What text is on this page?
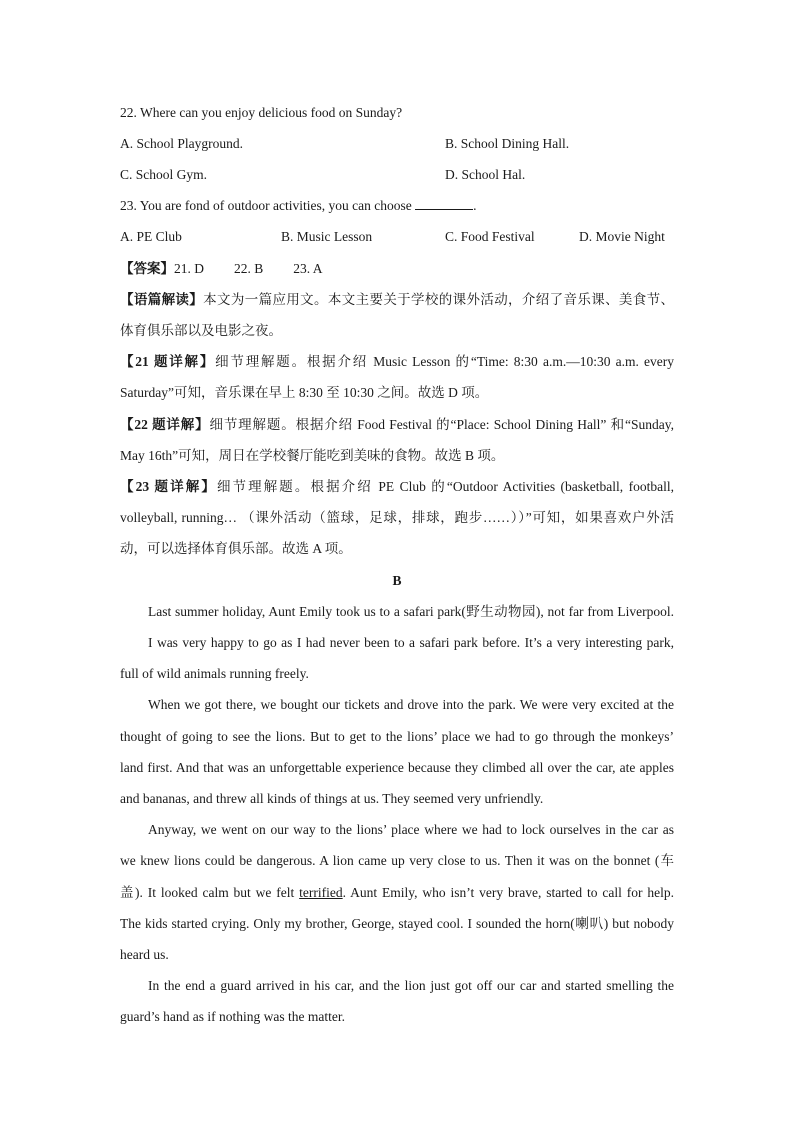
22. Where can you enjoy delicious food on Sunday?
A. School Playground.	B. School Dining Hall.
C. School Gym.	D. School Hal.
23. You are fond of outdoor activities, you can choose	.
A. PE Club	B. Music Lesson	C. Food Festival	D. Movie Night
【答案】21. D 22. B 23. A
【语篇解读】本文为一篇应用文。本文主要关于学校的课外活动，介绍了音乐课、美食节、
体育俱乐部以及电影之夜。
【21 题详解】细节理解题。根据介绍 Music Lesson 的“Time: 8:30 a.m.—10:30 a.m. every
Saturday”可知，音乐课在早上 8:30 至 10:30 之间。故选 D 项。
【22 题详解】细节理解题。根据介绍 Food Festival 的“Place: School Dining Hall” 和“Sunday,
May 16th”可知，周日在学校餐厅能吃到美味的食物。故选 B 项。
【23 题详解】细节理解题。根据介绍 PE Club 的“Outdoor Activities (basketball, football,
volleyball, running… （课外活动（篮球，足球，排球，跑步……））”可知，如果喜欢户外活
动，可以选择体育俱乐部。故选 A 项。
B
Last summer holiday, Aunt Emily took us to a safari park(野生动物园), not far from Liverpool.
I was very happy to go as I had never been to a safari park before. It’s a very interesting park,
full of wild animals running freely.
When we got there, we bought our tickets and drove into the park. We were very excited at the
thought of going to see the lions. But to get to the lions’ place we had to go through the monkeys’
land first. And that was an unforgettable experience because they climbed all over the car, ate apples
and bananas, and threw all kinds of things at us. They seemed very unfriendly.
Anyway, we went on our way to the lions’ place where we had to lock ourselves in the car as
we knew lions could be dangerous. A lion came up very close to us. Then it was on the bonnet (车
盖). It looked calm but we felt terrified. Aunt Emily, who isn’t very brave, started to call for help.
The kids started crying. Only my brother, George, stayed cool. I sounded the horn(喇叭) but nobody
heard us.
In the end a guard arrived in his car, and the lion just got off our car and started smelling the
guard’s hand as if nothing was the matter.
